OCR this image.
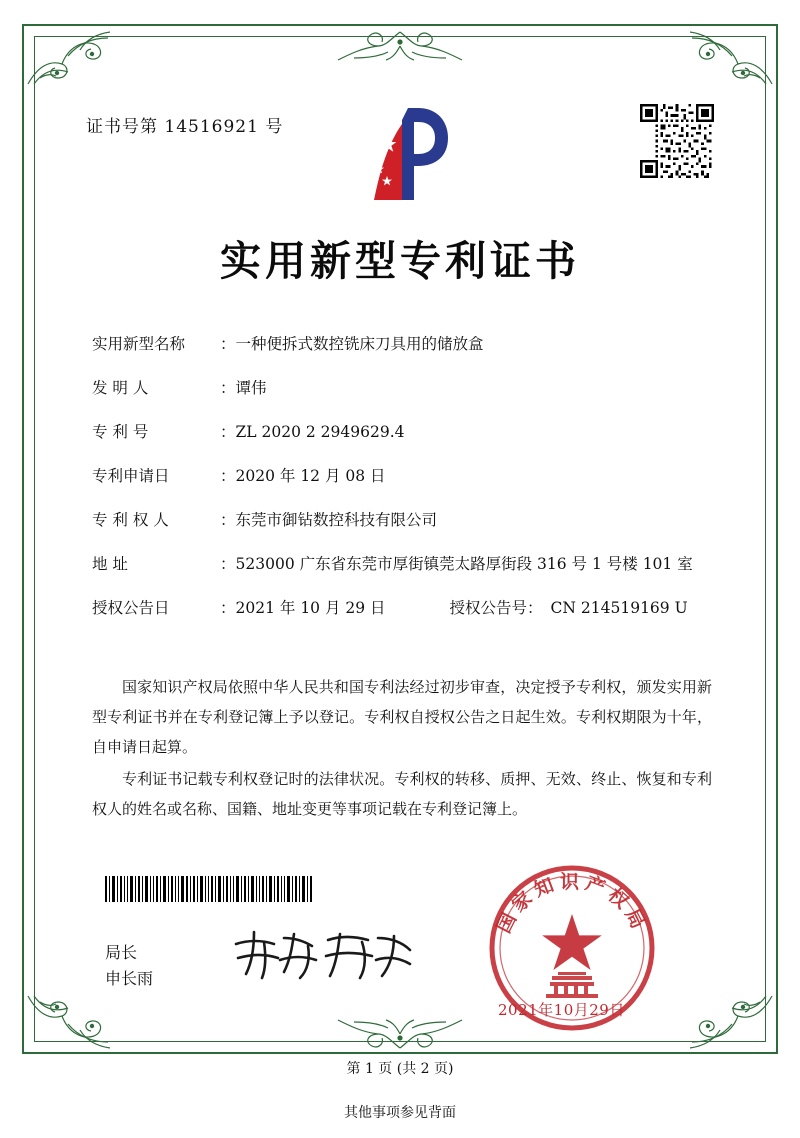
证书号第 14516921 号
实用新型专利证书
实用新型名称	： 一种便拆式数控铣床刀具用的储放盒
发 明 人	： 谭伟
专 利 号	： ZL 2020 2 2949629.4
专利申请日	： 2020 年 12 月 08 日
专 利 权 人	： 东莞市御钻数控科技有限公司
地 址	： 523000 广东省东莞市厚街镇莞太路厚街段 316 号 1 号楼 101 室
授权公告日	： 2021 年 10 月 29 日	授权公告号 ： CN 214519169 U

国家知识产权局依照中华人民共和国专利法经过初步审查，决定授予专利权，颁发实用新型专利证书并在专利登记簿上予以登记。专利权自授权公告之日起生效。专利权期限为十年，自申请日起算。

专利证书记载专利权登记时的法律状况。专利权的转移、质押、无效、终止、恢复和专利权人的姓名或名称、国籍、地址变更等事项记载在专利登记簿上。

局长
申长雨
国家知识产权局
2021年10月29日
第 1 页 (共 2 页)
其他事项参见背面
